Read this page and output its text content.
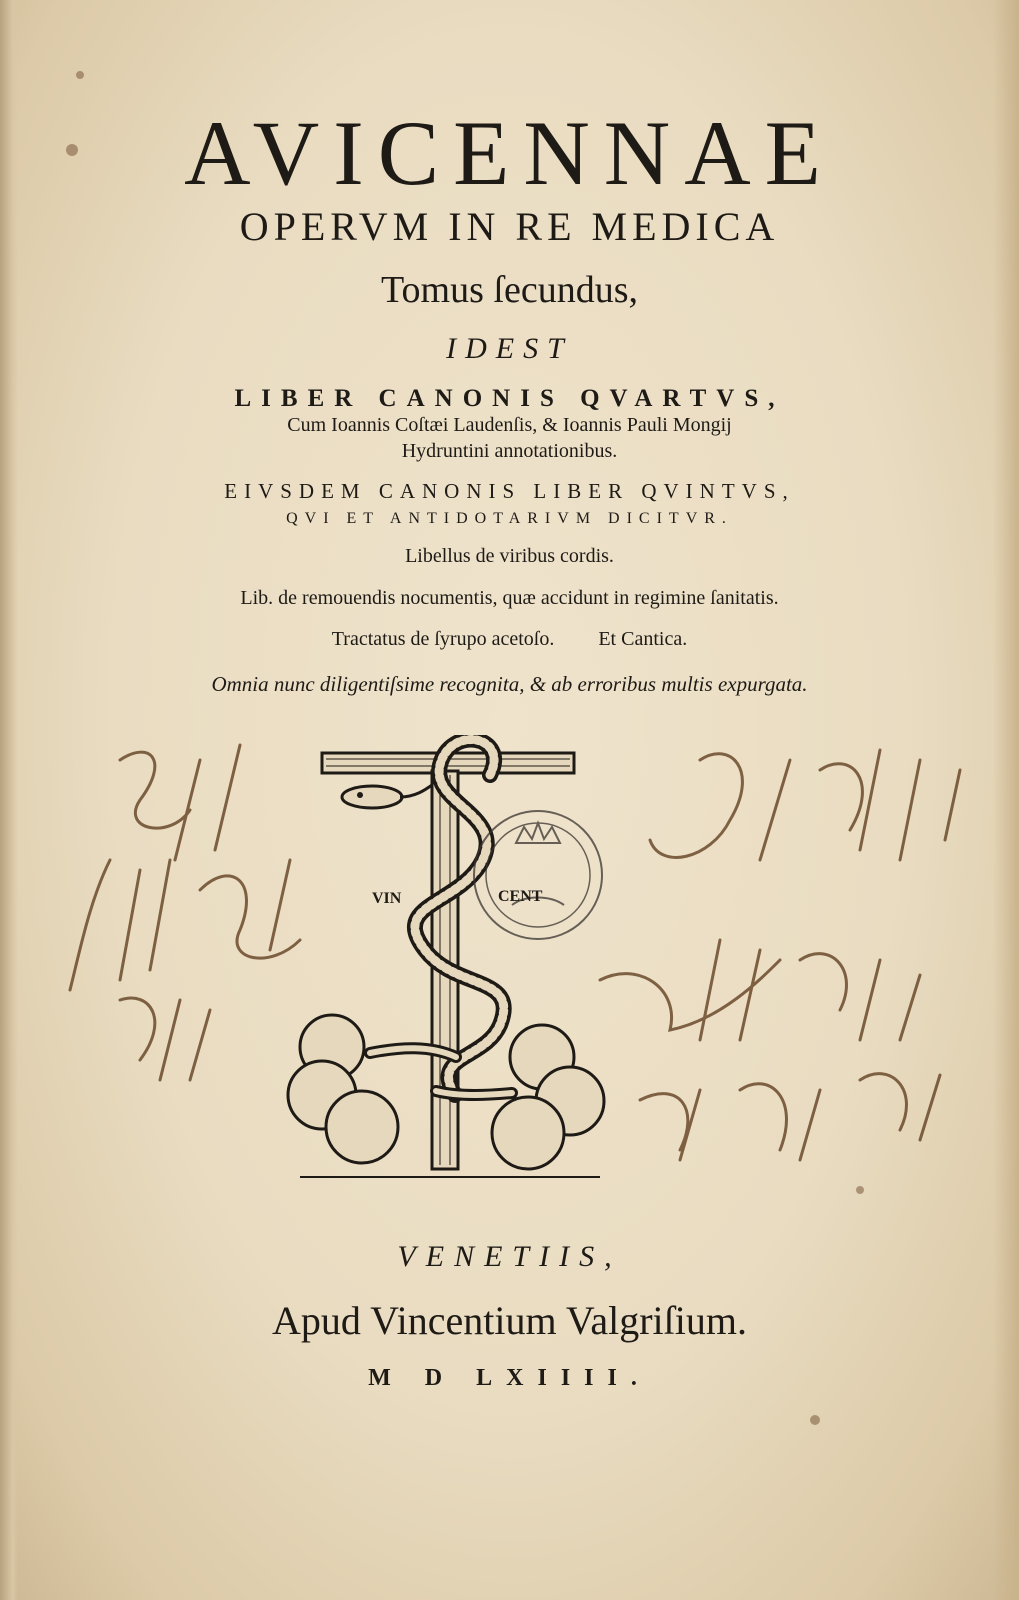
AVICENNAE
OPERVM IN RE MEDICA
Tomus ſecundus,
IDEST
LIBER CANONIS QVARTVS,
Cum Ioannis Coſtæi Laudenſis, & Ioannis Pauli Mongij
Hydruntini annotationibus.
EIVSDEM CANONIS LIBER QVINTVS,
QVI ET ANTIDOTARIVM DICITVR.
Libellus de viribus cordis.
Lib. de remouendis nocumentis, quæ accidunt in regimine ſanitatis.
Tractatus de ſyrupo acetoſo. Et Cantica.
Omnia nunc diligentiſsime recognita, & ab erroribus multis expurgata.
VIN	CENT
VENETIIS,
Apud Vincentium Valgriſium.
M D LXIIII.
